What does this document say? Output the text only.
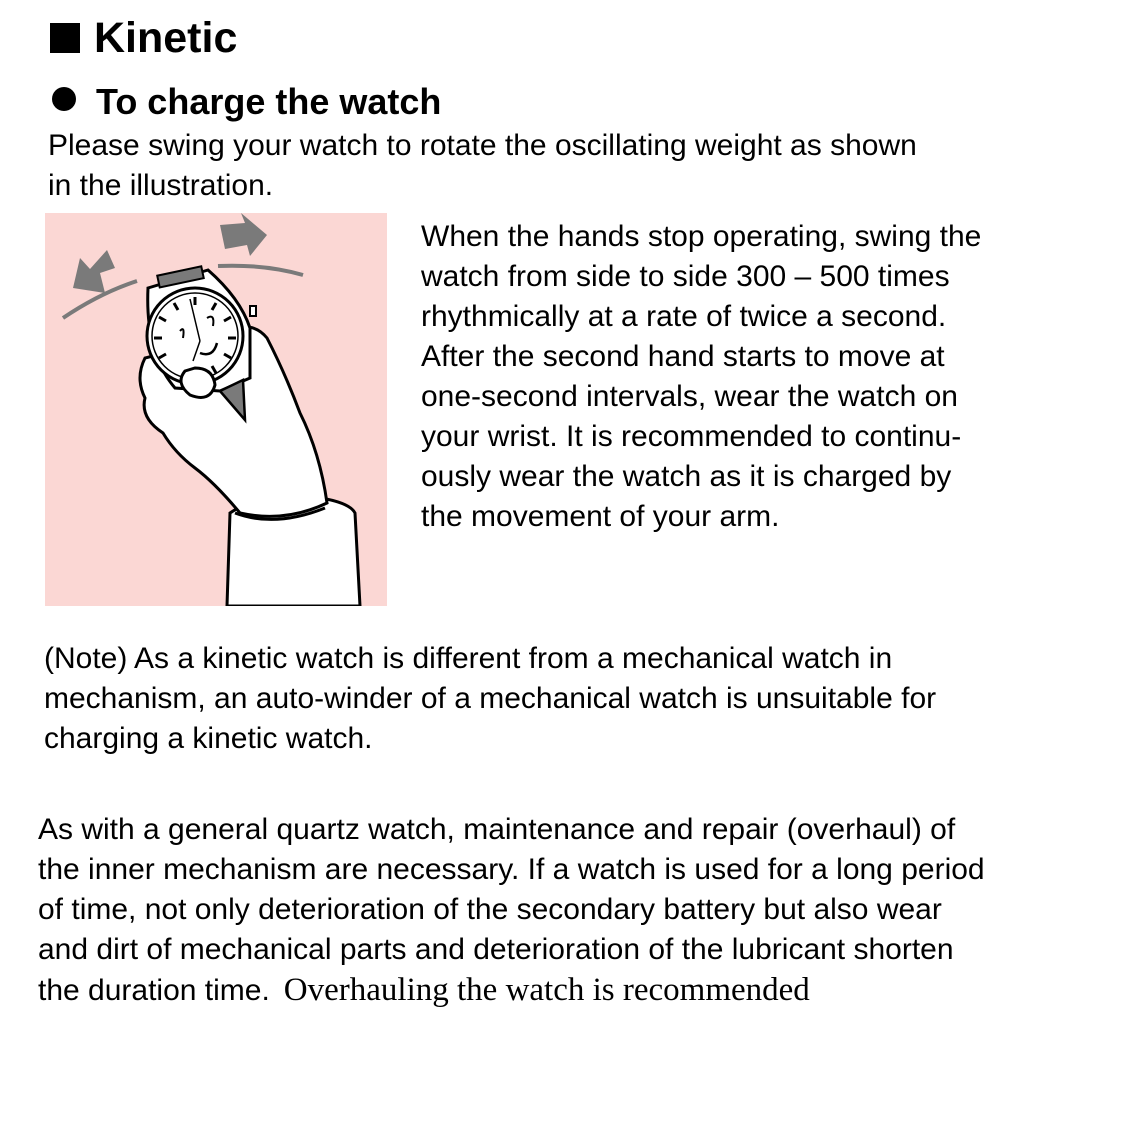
Kinetic
To charge the watch
Please swing your watch to rotate the oscillating weight as shown
in the illustration.
When the hands stop operating, swing the
watch from side to side 300 – 500 times
rhythmically at a rate of twice a second.
After the second hand starts to move at
one-second intervals, wear the watch on
your wrist. It is recommended to continu-
ously wear the watch as it is charged by
the movement of your arm.
(Note) As a kinetic watch is different from a mechanical watch in
mechanism, an auto-winder of a mechanical watch is unsuitable for
charging a kinetic watch.
As with a general quartz watch, maintenance and repair (overhaul) of
the inner mechanism are necessary. If a watch is used for a long period
of time, not only deterioration of the secondary battery but also wear
and dirt of mechanical parts and deterioration of the lubricant shorten
the duration time. Overhauling the watch is recommended
